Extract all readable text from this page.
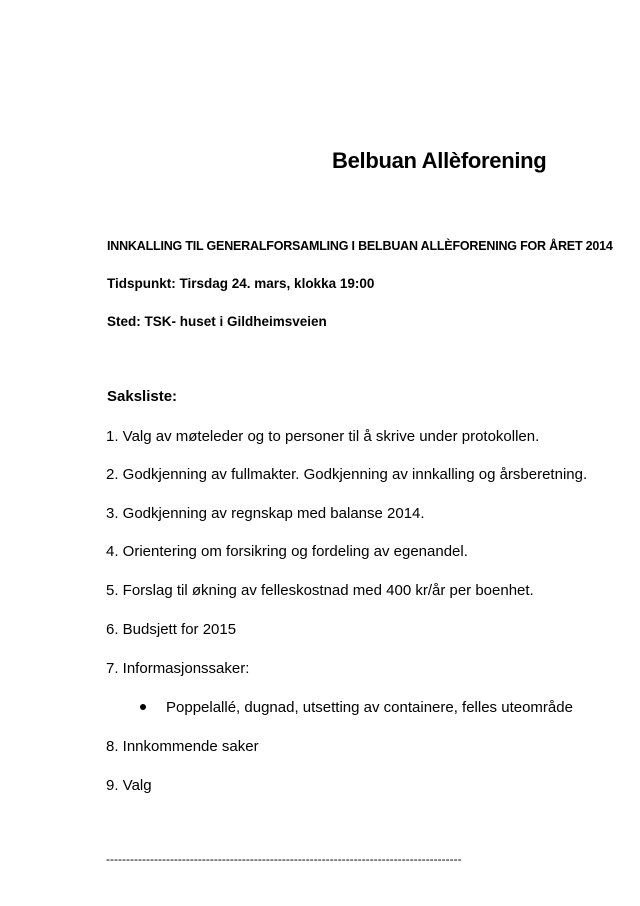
Belbuan Allèforening
INNKALLING TIL GENERALFORSAMLING I BELBUAN ALLÈFORENING FOR ÅRET 2014
Tidspunkt: Tirsdag 24. mars, klokka 19:00
Sted: TSK- huset i Gildheimsveien
Saksliste:
1. Valg av møteleder og to personer til å skrive under protokollen.
2. Godkjenning av fullmakter. Godkjenning av innkalling og årsberetning.
3. Godkjenning av regnskap med balanse 2014.
4. Orientering om forsikring og fordeling av egenandel.
5. Forslag til økning av felleskostnad med 400 kr/år per boenhet.
6. Budsjett for 2015
7. Informasjonssaker:
Poppelallé, dugnad, utsetting av containere, felles uteområde
8. Innkommende saker
9. Valg
-----------------------------------------------------------------------------------------
